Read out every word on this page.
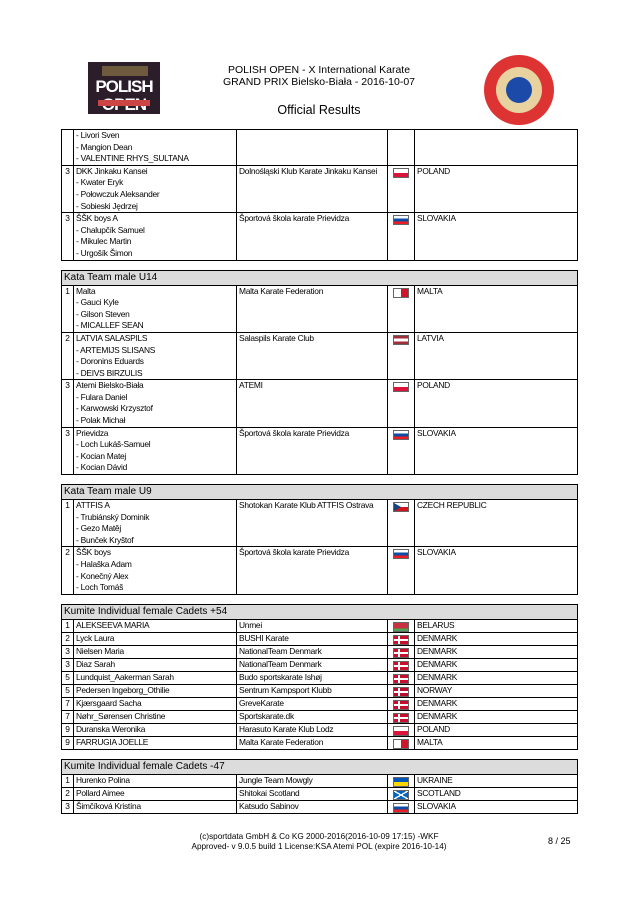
POLISH
POLISH OPEN - X International Karate
GRAND PRIX Bielsko-Biała - 2016-10-07
Official Results

	- Livori Sven
- Mangion Dean
- VALENTINE RHYS_SULTANA			

3	DKK Jinkaku Kansei
- Kwater Eryk
- Połowczuk Aleksander
- Sobieski Jędrzej	Dolnośląski Klub Karate Jinkaku Kansei		POLAND
3	ŠŠK boys A
- Chalupčík Samuel
- Mikulec Martin
- Urgošík Šimon	Športová škola karate Prievidza		SLOVAKIA
Kata Team male U14
1	Malta
- Gauci Kyle
- Gilson Steven
- MICALLEF SEAN	Malta Karate Federation		MALTA
2	LATVIA SALASPILS
- ARTEMIJS SLISANS
- Doronins Eduards
- DEIVS BIRZULIS	Salaspils Karate Club		LATVIA
3	Atemi Bielsko-Biała
- Fulara Daniel
- Karwowski Krzysztof
- Polak Michał	ATEMI		POLAND
3	Prievidza
- Loch Lukáš-Samuel
- Kocian Matej
- Kocian Dávid	Športová škola karate Prievidza		SLOVAKIA
Kata Team male U9
1	ATTFIS A
- Trubiánský Dominik
- Gezo Matěj
- Bunček Kryštof	Shotokan Karate Klub ATTFIS Ostrava		CZECH REPUBLIC
2	ŠŠK boys
- Halaška Adam
- Konečný Alex
- Loch Tomáš	Športová škola karate Prievidza		SLOVAKIA
Kumite Individual female Cadets +54
1	ALEKSEEVA MARIA	Unmei		BELARUS
2	Lyck Laura	BUSHI Karate		DENMARK
3	Nielsen Maria	NationalTeam Denmark		DENMARK
3	Diaz Sarah	NationalTeam Denmark		DENMARK
5	Lundquist_Aakerman Sarah	Budo sportskarate Ishøj		DENMARK
5	Pedersen Ingeborg_Othilie	Sentrum Kampsport Klubb		NORWAY
7	Kjærsgaard Sacha	GreveKarate		DENMARK
7	Nøhr_Sørensen Christine	Sportskarate.dk		DENMARK
9	Duranska Weronika	Harasuto Karate Klub Lodz		POLAND
9	FARRUGIA JOELLE	Malta Karate Federation		MALTA
Kumite Individual female Cadets -47
1	Hurenko Polina	Jungle Team Mowgly		UKRAINE
2	Pollard Aimee	Shitokai Scotland		SCOTLAND
3	Šimčíková Kristína	Katsudo Sabinov		SLOVAKIA
(c)sportdata GmbH & Co KG 2000-2016(2016-10-09 17:15) -WKF
Approved- v 9.0.5 build 1 License:KSA Atemi POL (expire 2016-10-14)
8 / 25
